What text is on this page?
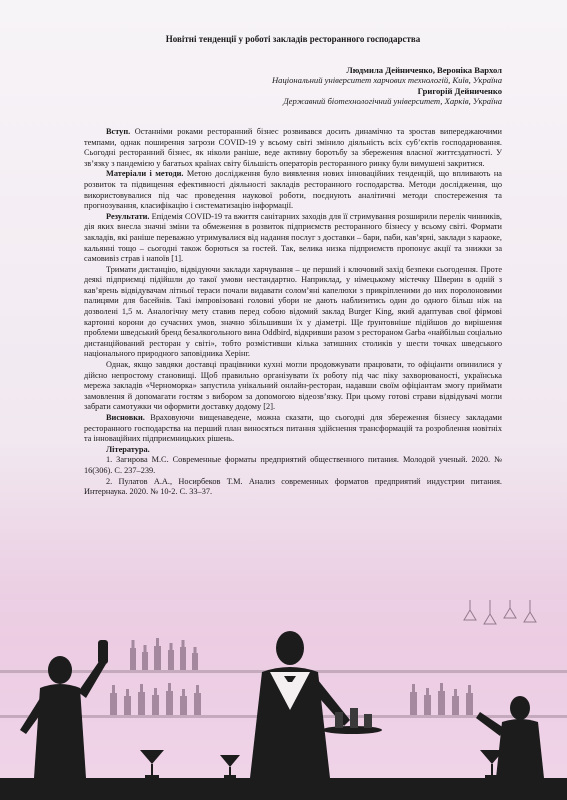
Новітні тенденції у роботі закладів ресторанного господарства
Людмила Дейниченко, Вероніка Вархол
Національний університет харчових технологій, Київ, Україна
Григорій Дейниченко
Державний біотехнологічний університет, Харків, Україна

Вступ. Останніми роками ресторанний бізнес розвивався досить динамічно та зростав випереджаючими темпами, однак поширення загрози COVID-19 у всьому світі змінило діяльність всіх суб’єктів господарювання. Сьогодні ресторанний бізнес, як ніколи раніше, веде активну боротьбу за збереження власної життєздатності. У зв’язку з пандемією у багатьох країнах світу більшість операторів ресторанного ринку були вимушені закритися.

Матеріали і методи. Метою дослідження було виявлення нових інноваційних тенденцій, що впливають на розвиток та підвищення ефективності діяльності закладів ресторанного господарства. Методи дослідження, що використовувалися під час проведення наукової роботи, поєднують аналітичні методи спостереження та прогнозування, класифікацію і систематизацію інформації.

Результати. Епідемія COVID-19 та вжиття санітарних заходів для її стримування розширили перелік чинників, дія яких внесла значні зміни та обмеження в розвиток підприємств ресторанного бізнесу у всьому світі. Формати закладів, які раніше переважно утримувалися від надання послуг з доставки – бари, паби, кав’ярні, заклади з караоке, кальянні тощо – сьогодні також борються за гостей. Так, велика низка підприємств пропонує акції та знижки за самовивіз страв і напоїв [1].

Тримати дистанцію, відвідуючи заклади харчування – це перший і ключовий захід безпеки сьогодення. Проте деякі підприємці підійшли до такої умови нестандартно. Наприклад, у німецькому містечку Шверин в одній з кав’ярень відвідувачам літньої тераси почали видавати солом’яні капелюхи з прикріпленими до них поролоновими палицями для басейнів. Такі імпровізовані головні убори не дають наблизитись один до одного більш ніж на дозволені 1,5 м. Аналогічну мету ставив перед собою відомий заклад Burger King, який адаптував свої фірмові картонні корони до сучасних умов, значно збільшивши їх у діаметрі. Ще ґрунтовніше підійшов до вирішення проблеми шведський бренд безалкогольного вина Oddbird, відкривши разом з рестораном Garba «найбільш соціально дистанційований ресторан у світі», тобто розмістивши кілька затишних столиків у шести точках шведського національного природного заповідника Херінг.

Однак, якщо завдяки доставці працівники кухні могли продовжувати працювати, то офіціанти опинилися у дійсно непростому становищі. Щоб правильно організувати їх роботу під час піку захворюваності, українська мережа закладів «Черноморка» запустила унікальний онлайн-ресторан, надавши своїм офіціантам змогу приймати замовлення й допомагати гостям з вибором за допомогою відеозв’язку. При цьому готові страви відвідувачі могли забрати самотужки чи оформити доставку додому [2].

Висновки. Враховуючи вищенаведене, можна сказати, що сьогодні для збереження бізнесу закладами ресторанного господарства на перший план виносяться питання здійснення трансформацій та розроблення новітніх та інноваційних підприємницьких рішень.

Література.
1. Загирова М.С. Современные форматы предприятий общественного питания. Молодой ученый. 2020. № 16(306). С. 237–239.
2. Пулатов А.А., Носирбеков Т.М. Анализ современных форматов предприятий индустрии питания. Интернаука. 2020. № 10-2. С. 33–37.
